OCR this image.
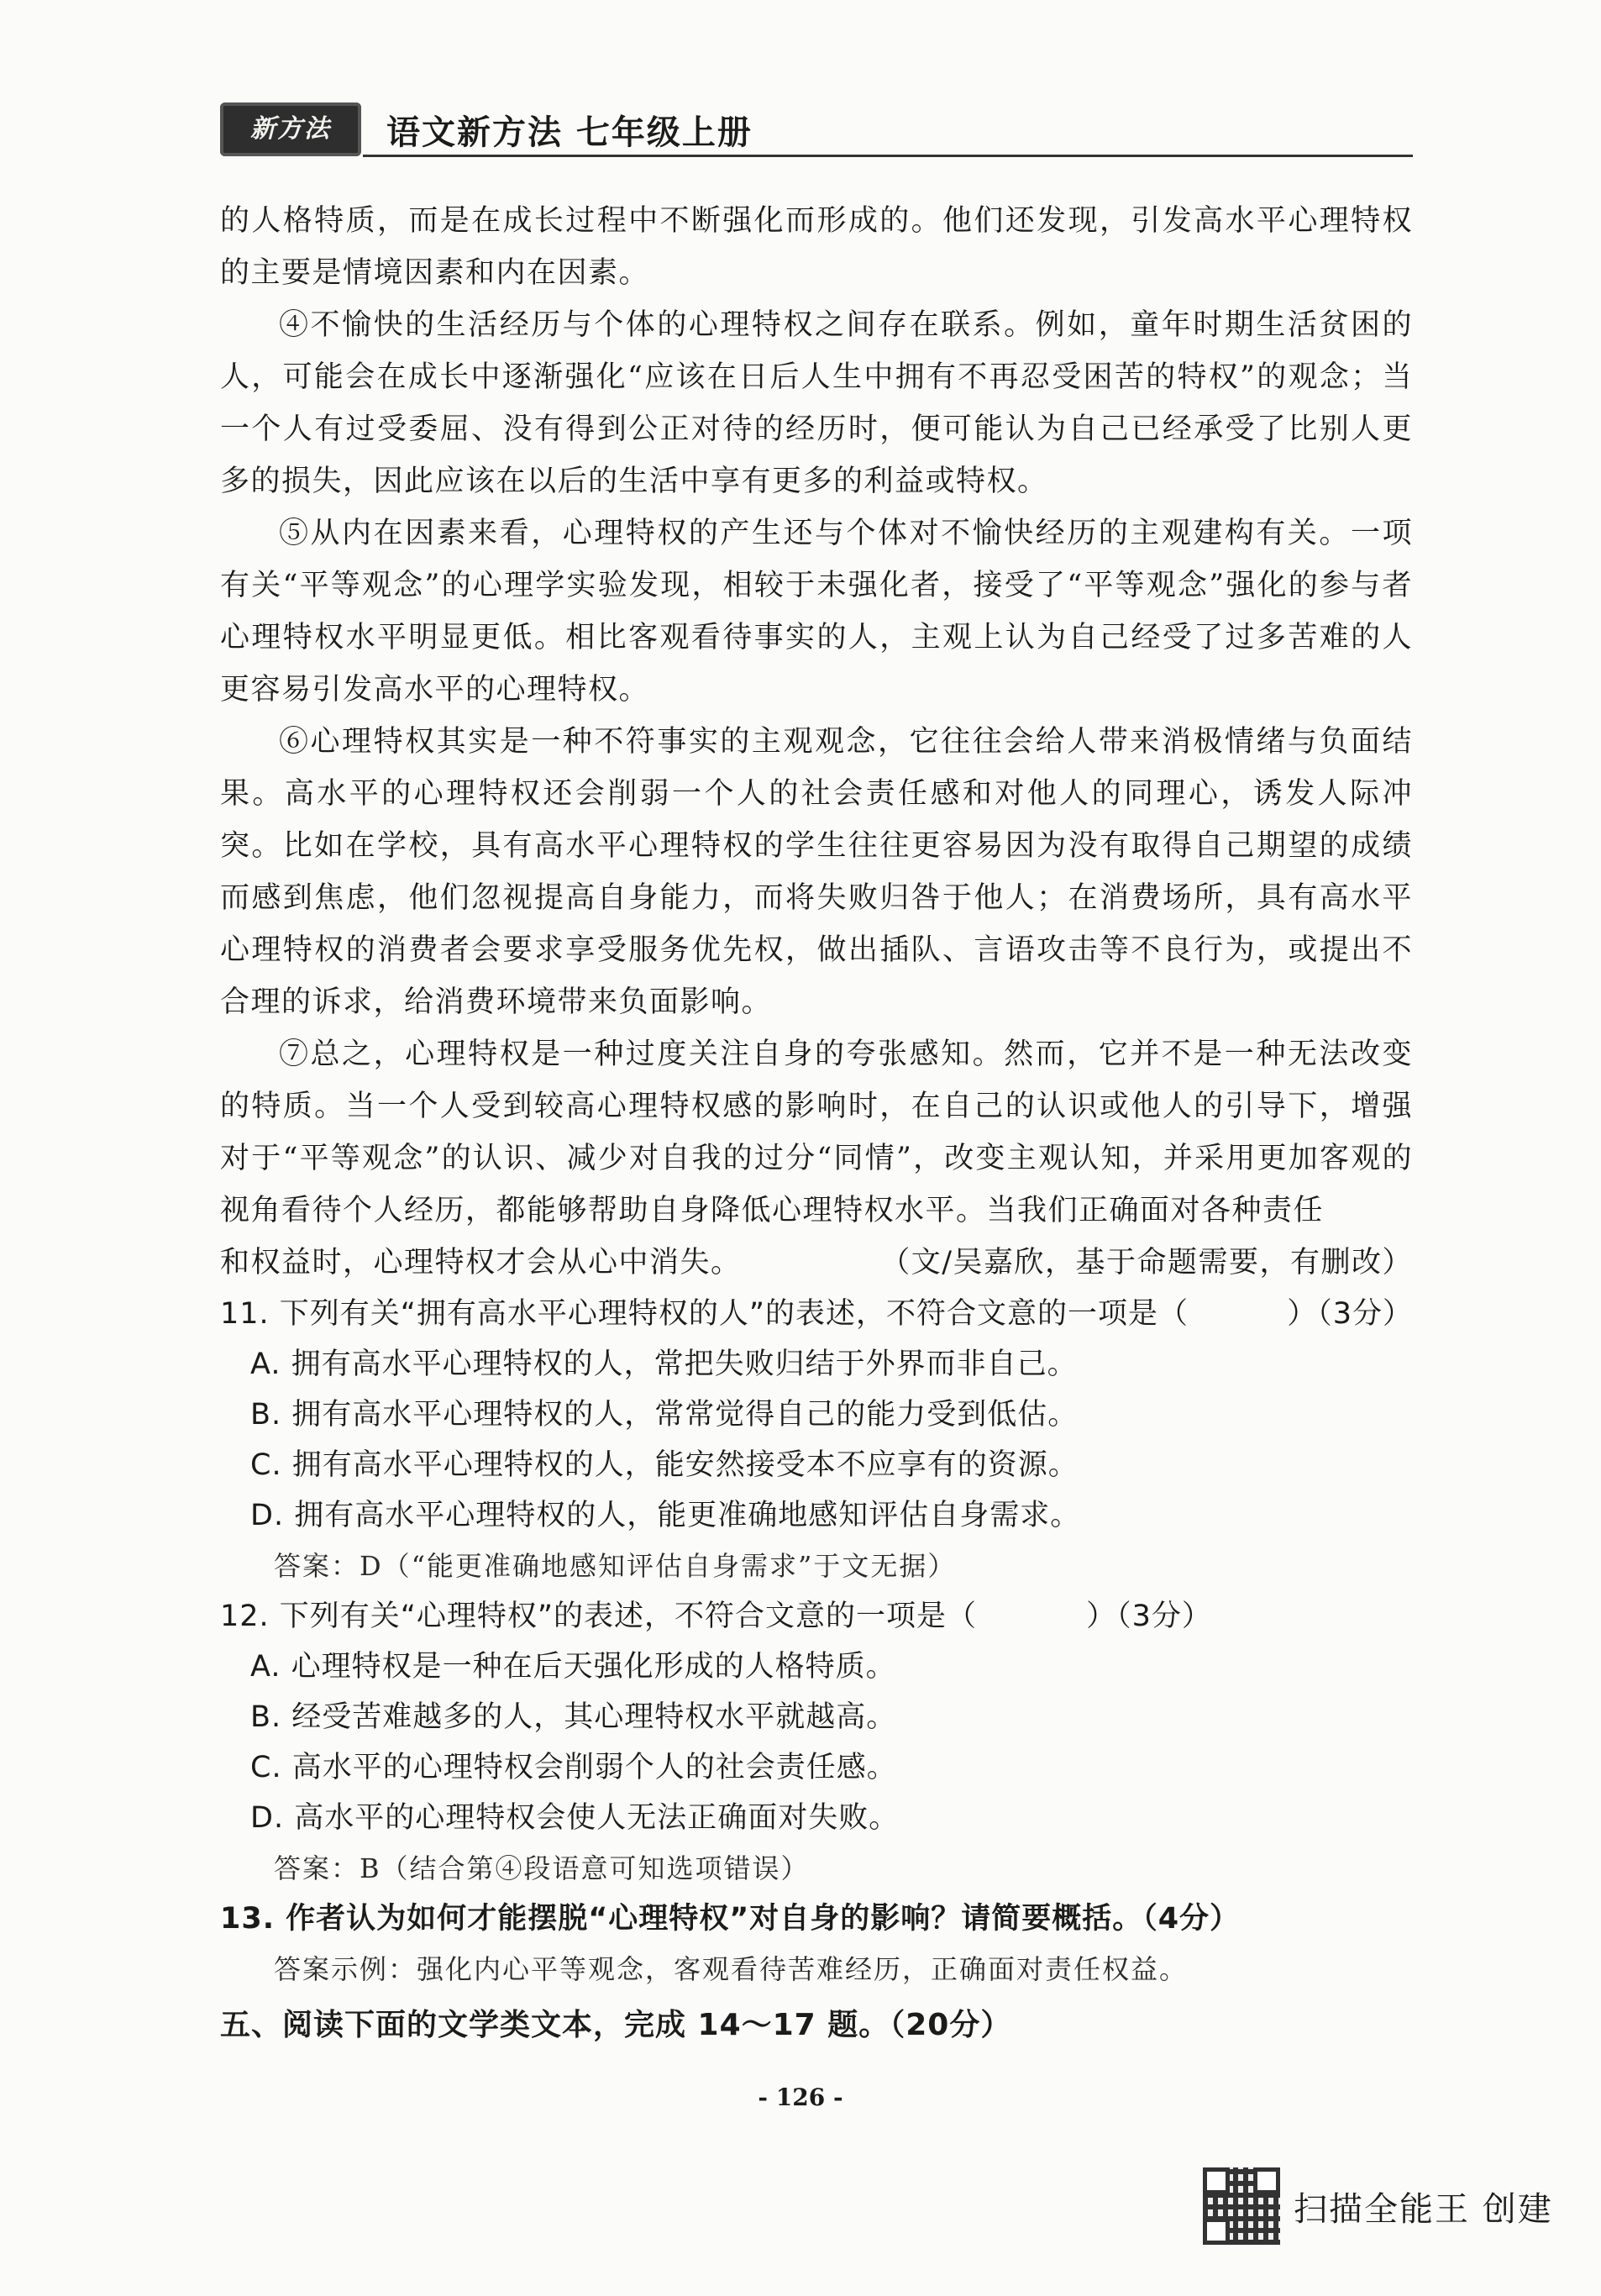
新方法	语文新方法 七年级上册

的人格特质，而是在成长过程中不断强化而形成的。他们还发现，引发高水平心理特权的主要是情境因素和内在因素。

④不愉快的生活经历与个体的心理特权之间存在联系。例如，童年时期生活贫困的人，可能会在成长中逐渐强化“应该在日后人生中拥有不再忍受困苦的特权”的观念；当一个人有过受委屈、没有得到公正对待的经历时，便可能认为自己已经承受了比别人更多的损失，因此应该在以后的生活中享有更多的利益或特权。

⑤从内在因素来看，心理特权的产生还与个体对不愉快经历的主观建构有关。一项有关“平等观念”的心理学实验发现，相较于未强化者，接受了“平等观念”强化的参与者心理特权水平明显更低。相比客观看待事实的人，主观上认为自己经受了过多苦难的人更容易引发高水平的心理特权。

⑥心理特权其实是一种不符事实的主观观念，它往往会给人带来消极情绪与负面结果。高水平的心理特权还会削弱一个人的社会责任感和对他人的同理心，诱发人际冲突。比如在学校，具有高水平心理特权的学生往往更容易因为没有取得自己期望的成绩而感到焦虑，他们忽视提高自身能力，而将失败归咎于他人；在消费场所，具有高水平心理特权的消费者会要求享受服务优先权，做出插队、言语攻击等不良行为，或提出不合理的诉求，给消费环境带来负面影响。

⑦总之，心理特权是一种过度关注自身的夸张感知。然而，它并不是一种无法改变的特质。当一个人受到较高心理特权感的影响时，在自己的认识或他人的引导下，增强对于“平等观念”的认识、减少对自我的过分“同情”，改变主观认知，并采用更加客观的视角看待个人经历，都能够帮助自身降低心理特权水平。当我们正确面对各种责任

和权益时，心理特权才会从心中消失。	（文/吴嘉欣，基于命题需要，有删改）
11. 下列有关“拥有高水平心理特权的人”的表述，不符合文意的一项是（	）（3分）

A. 拥有高水平心理特权的人，常把失败归结于外界而非自己。

B. 拥有高水平心理特权的人，常常觉得自己的能力受到低估。

C. 拥有高水平心理特权的人，能安然接受本不应享有的资源。

D. 拥有高水平心理特权的人，能更准确地感知评估自身需求。

答案：D（“能更准确地感知评估自身需求”于文无据）

12. 下列有关“心理特权”的表述，不符合文意的一项是（	）（3分）

A. 心理特权是一种在后天强化形成的人格特质。

B. 经受苦难越多的人，其心理特权水平就越高。

C. 高水平的心理特权会削弱个人的社会责任感。

D. 高水平的心理特权会使人无法正确面对失败。

答案：B（结合第④段语意可知选项错误）

13. 作者认为如何才能摆脱“心理特权”对自身的影响？请简要概括。（4分）

答案示例：强化内心平等观念，客观看待苦难经历，正确面对责任权益。

五、阅读下面的文学类文本，完成 14～17 题。（20分）

- 126 -
扫描全能王 创建
